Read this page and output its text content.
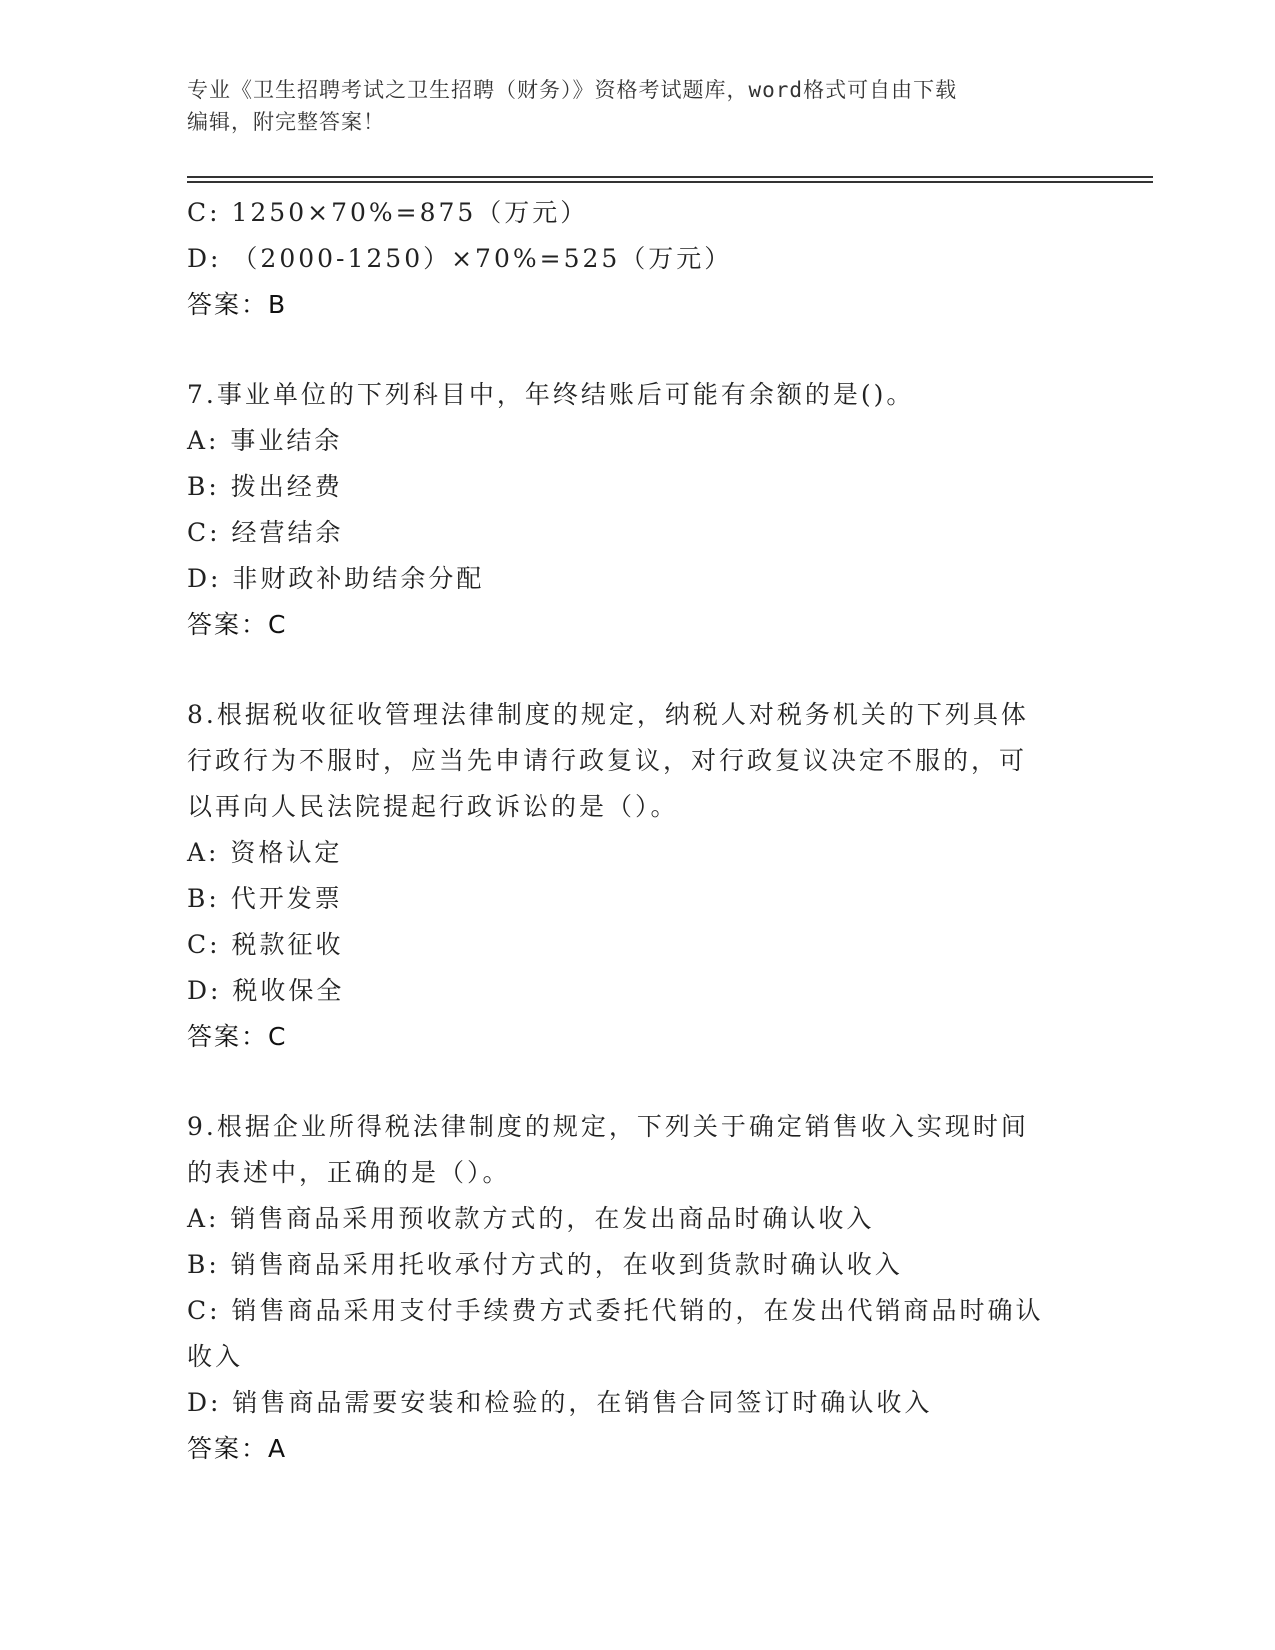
专业《卫生招聘考试之卫生招聘（财务）》资格考试题库，word格式可自由下载
编辑，附完整答案！
C: 1250×70%=875（万元）
D: （2000-1250）×70%=525（万元）
答案：B
7.事业单位的下列科目中，年终结账后可能有余额的是()。
A: 事业结余
B: 拨出经费
C: 经营结余
D: 非财政补助结余分配
答案：C
8.根据税收征收管理法律制度的规定，纳税人对税务机关的下列具体
行政行为不服时，应当先申请行政复议，对行政复议决定不服的，可
以再向人民法院提起行政诉讼的是（）。
A: 资格认定
B: 代开发票
C: 税款征收
D: 税收保全
答案：C
9.根据企业所得税法律制度的规定，下列关于确定销售收入实现时间
的表述中，正确的是（）。
A: 销售商品采用预收款方式的，在发出商品时确认收入
B: 销售商品采用托收承付方式的，在收到货款时确认收入
C: 销售商品采用支付手续费方式委托代销的，在发出代销商品时确认
收入
D: 销售商品需要安装和检验的，在销售合同签订时确认收入
答案：A
